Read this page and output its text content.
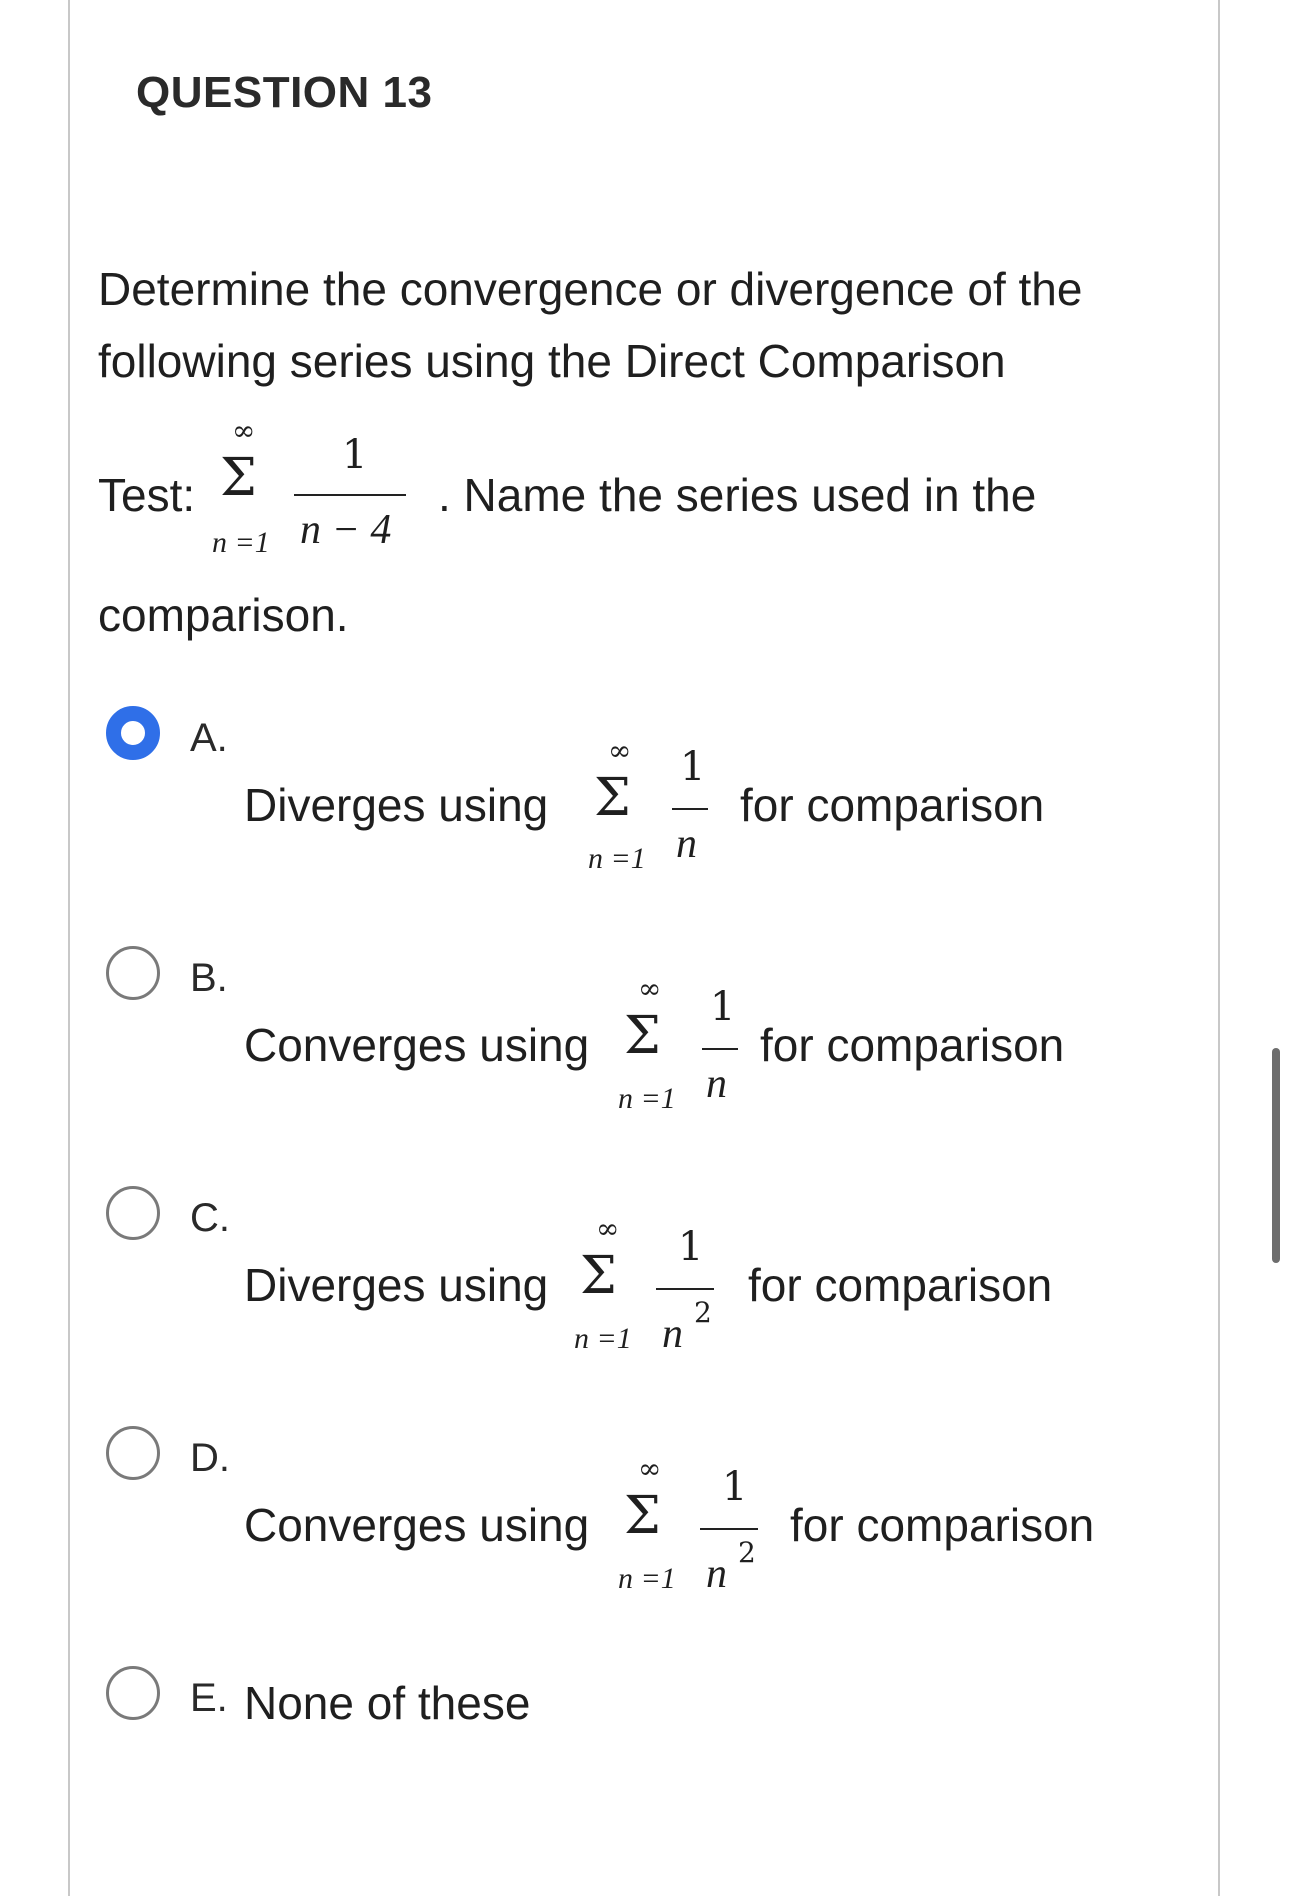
QUESTION 13
Determine the convergence or divergence of the
following series using the Direct Comparison
Test:
∞
Σ
n =1
1
n − 4
. Name the series used in the
comparison.
A.
Diverges using
∞
Σ
n =1
1
n
for comparison
B.
Converges using
∞
Σ
n =1
1
n
for comparison
C.
Diverges using
∞
Σ
n =1
1
n 2
for comparison
D.
Converges using
∞
Σ
n =1
1
n 2
for comparison
E. None of these
